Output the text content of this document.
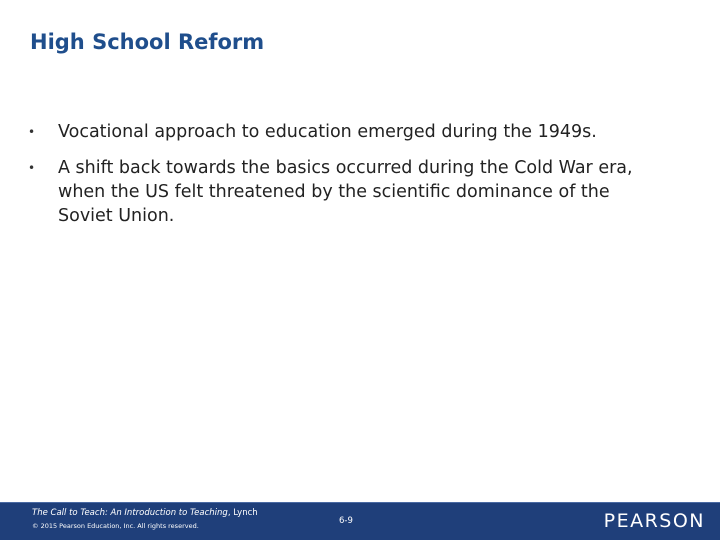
High School Reform
• Vocational approach to education emerged during the 1949s.
• A shift back towards the basics occurred during the Cold War era, when the US felt threatened by the scientific dominance of the Soviet Union.
The Call to Teach: An Introduction to Teaching, Lynch
© 2015 Pearson Education, Inc. All rights reserved.	6-9	PEARSON
